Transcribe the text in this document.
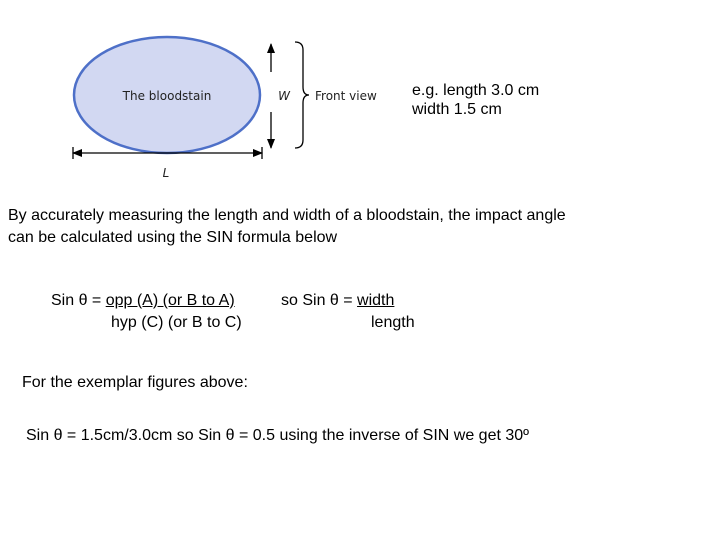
The bloodstain	W Front view
L
e.g. length 3.0 cm
width 1.5 cm
By accurately measuring the length and width of a bloodstain, the impact angle
can be calculated using the SIN formula below
Sin θ = opp (A) (or B to A)
hyp (C) (or B to C)
so Sin θ = width
length
For the exemplar figures above:
Sin θ = 1.5cm/3.0cm so Sin θ = 0.5 using the inverse of SIN we get 30º
